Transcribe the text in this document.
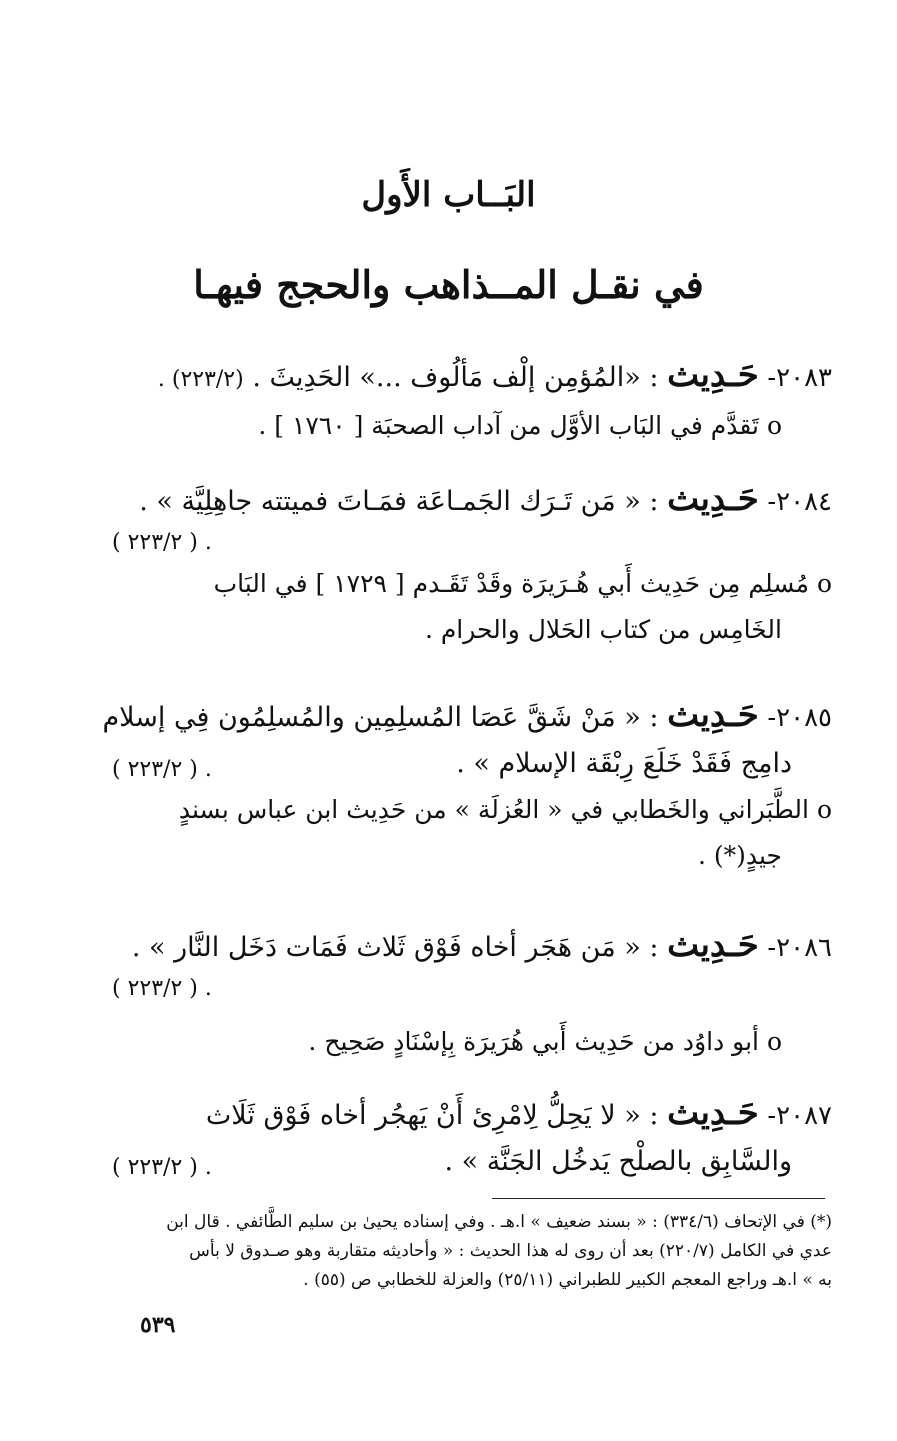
البَــاب الأَول
في نقـل المــذاهب والحجج فيهـا
٢٠٨٣- حَـدِيث : «المُؤمِن إلْف مَألُوف ...» الحَدِيثَ . (٢٢٣/٢) .
ο تَقدَّم في البَاب الأوَّل من آداب الصحبَة [ ١٧٦٠ ] .
٢٠٨٤- حَـدِيث : « مَن تَـرَك الجَمـاعَة فمَـاتَ فميتته جاهِلِيَّة » .
. ( ٢٢٣/٢ )
ο مُسلِم مِن حَدِيث أَبي هُـرَيرَة وقَدْ تَقَـدم [ ١٧٢٩ ] في البَاب
الخَامِس من كتاب الحَلال والحرام .
٢٠٨٥- حَـدِيث : « مَنْ شَقَّ عَصَا المُسلِمِين والمُسلِمُون فِي إسلام
دامِج فَقَدْ خَلَعَ رِبْقَة الإسلام » .
. ( ٢٢٣/٢ )
ο الطَّبَراني والخَطابي في « العُزلَة » من حَدِيث ابن عباس بسندٍ
جيدٍ(*) .
٢٠٨٦- حَـدِيث : « مَن هَجَر أخاه فَوْق ثَلاث فَمَات دَخَل النَّار » .
. ( ٢٢٣/٢ )
ο أبو داوُد من حَدِيث أَبي هُرَيرَة بِإسْنَادٍ صَحِيح .
٢٠٨٧- حَـدِيث : « لا يَحِلُّ لِامْرِئ أَنْ يَهجُر أخاه فَوْق ثَلَاث
والسَّابِق بالصلْح يَدخُل الجَنَّة » .
. ( ٢٢٣/٢ )
(*) في الإتحاف (٣٣٤/٦) : « بسند ضعيف » ا.هـ . وفي إسناده يحيىٰ بن سليم الطَّائفي . قال ابن
عدي في الكامل (٢٢٠/٧) بعد أن روى له هذا الحديث : « وأحاديثه متقاربة وهو صـدوق لا بأس
به » ا.هـ وراجع المعجم الكبير للطبراني (٢٥/١١) والعزلة للخطابي ص (٥٥) .
٥٣٩
